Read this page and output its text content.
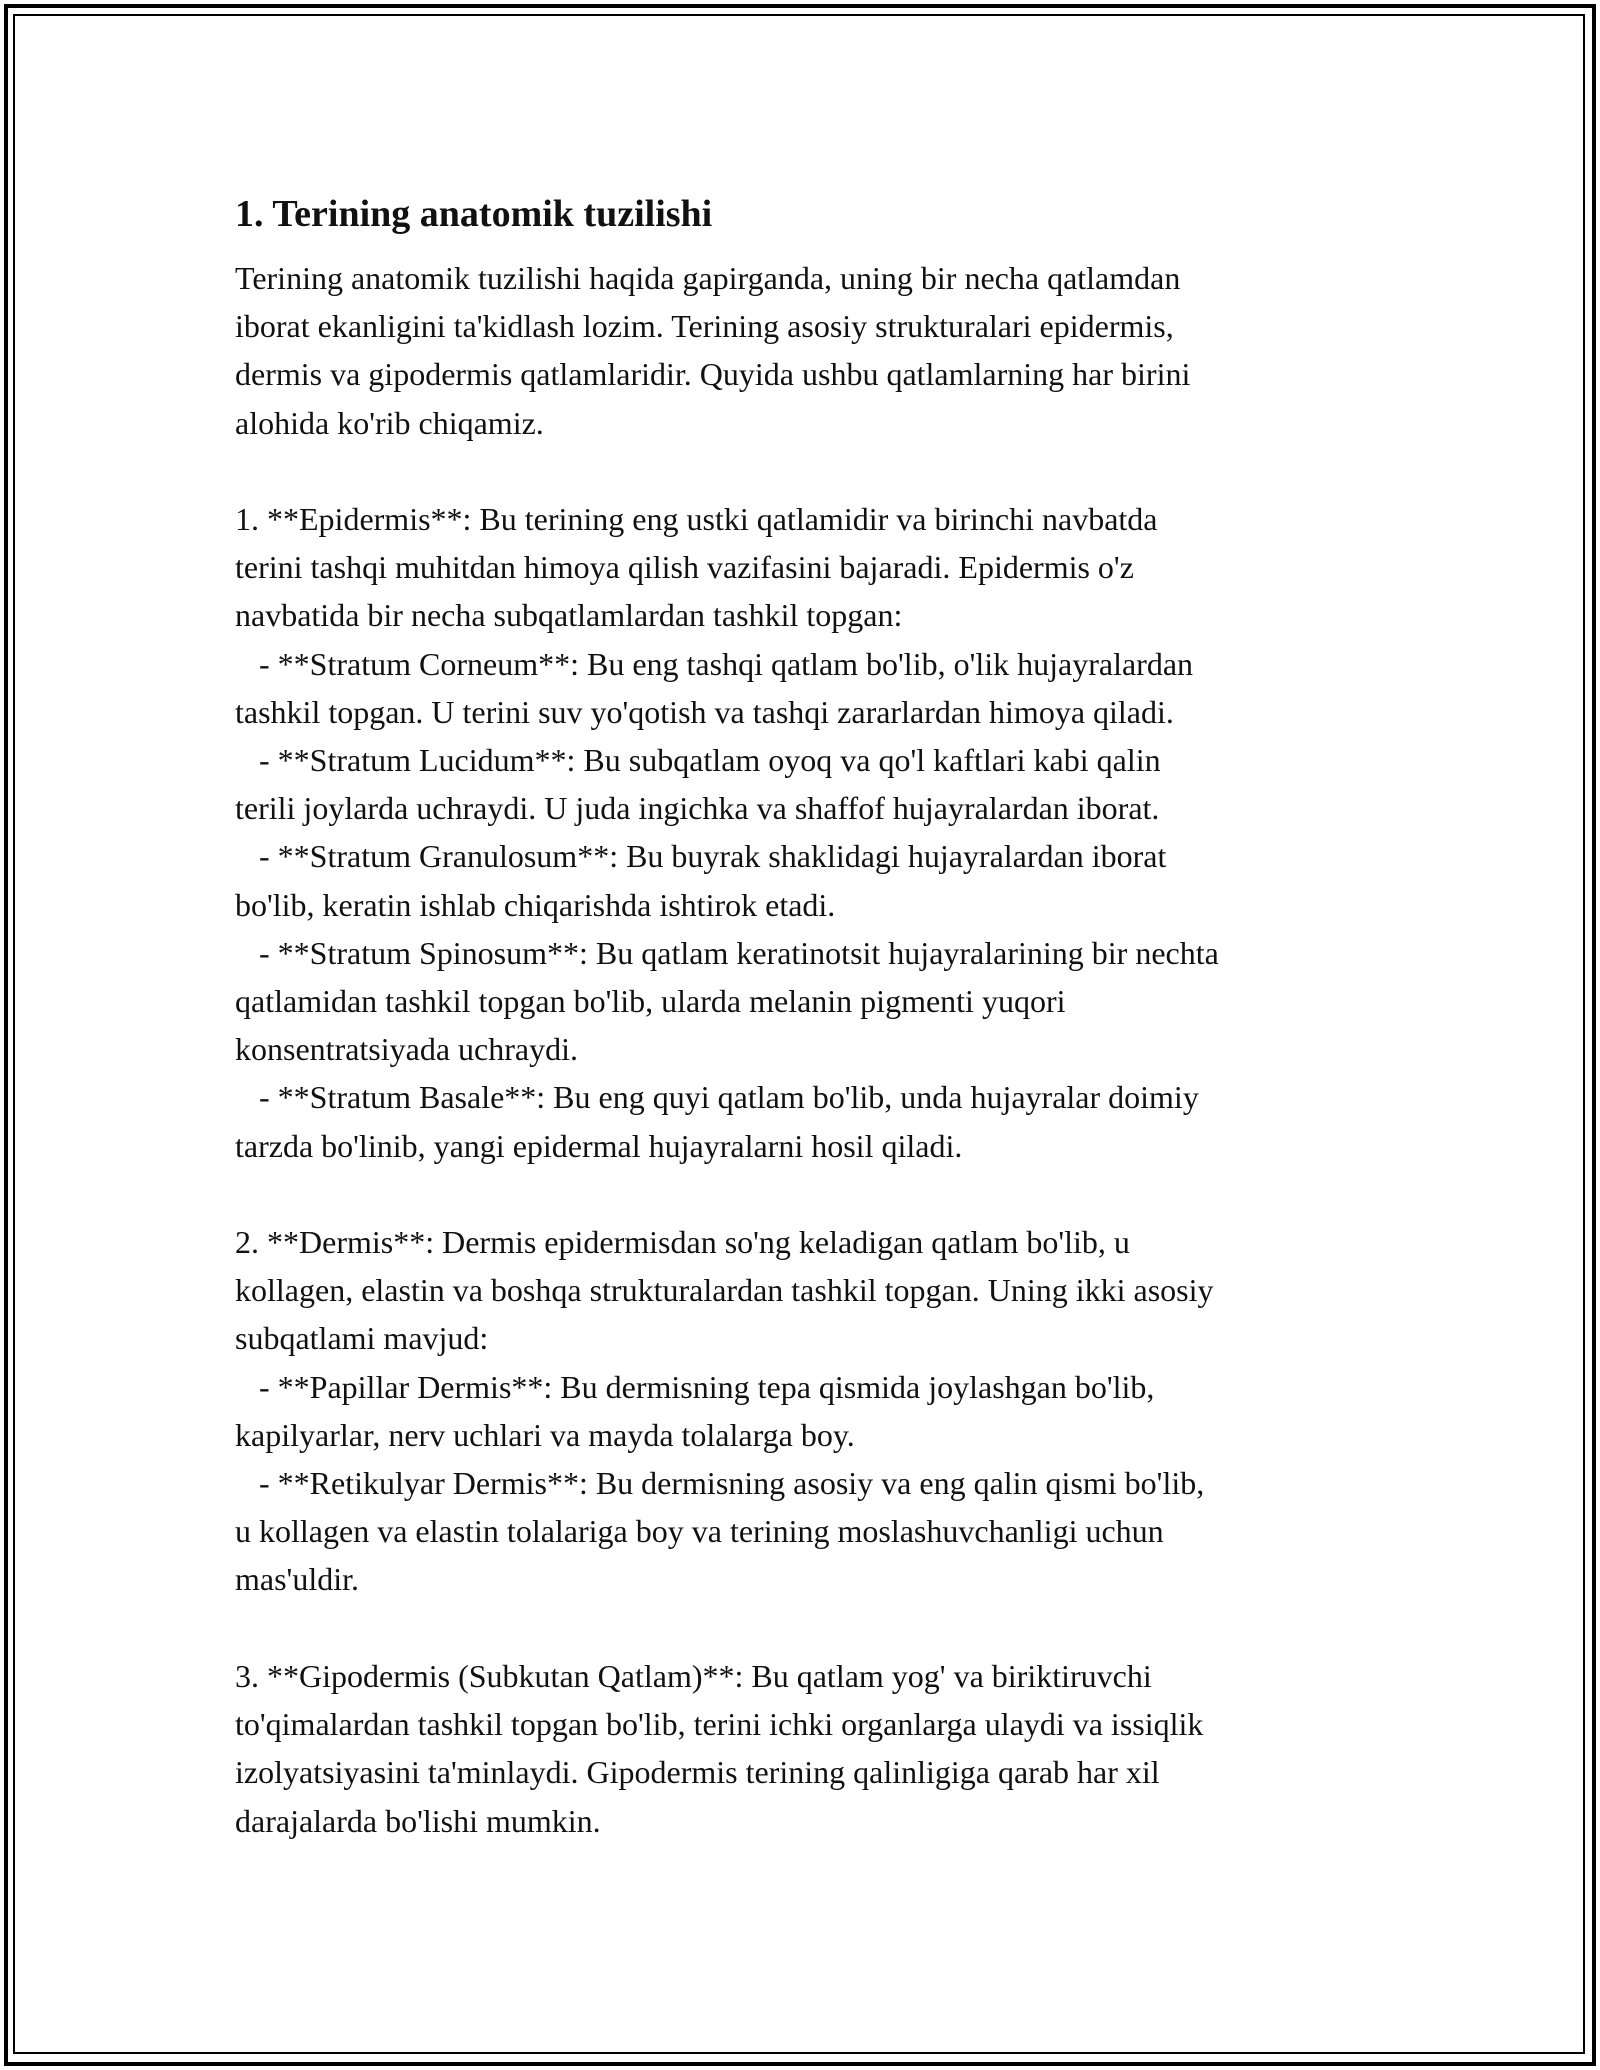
1. Terining anatomik tuzilishi
Terining anatomik tuzilishi haqida gapirganda, uning bir necha qatlamdan
iborat ekanligini ta'kidlash lozim. Terining asosiy strukturalari epidermis,
dermis va gipodermis qatlamlaridir. Quyida ushbu qatlamlarning har birini
alohida ko'rib chiqamiz.

1. **Epidermis**: Bu terining eng ustki qatlamidir va birinchi navbatda
terini tashqi muhitdan himoya qilish vazifasini bajaradi. Epidermis o'z
navbatida bir necha subqatlamlardan tashkil topgan:
- **Stratum Corneum**: Bu eng tashqi qatlam bo'lib, o'lik hujayralardan
tashkil topgan. U terini suv yo'qotish va tashqi zararlardan himoya qiladi.
- **Stratum Lucidum**: Bu subqatlam oyoq va qo'l kaftlari kabi qalin
terili joylarda uchraydi. U juda ingichka va shaffof hujayralardan iborat.
- **Stratum Granulosum**: Bu buyrak shaklidagi hujayralardan iborat
bo'lib, keratin ishlab chiqarishda ishtirok etadi.
- **Stratum Spinosum**: Bu qatlam keratinotsit hujayralarining bir nechta
qatlamidan tashkil topgan bo'lib, ularda melanin pigmenti yuqori
konsentratsiyada uchraydi.
- **Stratum Basale**: Bu eng quyi qatlam bo'lib, unda hujayralar doimiy
tarzda bo'linib, yangi epidermal hujayralarni hosil qiladi.

2. **Dermis**: Dermis epidermisdan so'ng keladigan qatlam bo'lib, u
kollagen, elastin va boshqa strukturalardan tashkil topgan. Uning ikki asosiy
subqatlami mavjud:
- **Papillar Dermis**: Bu dermisning tepa qismida joylashgan bo'lib,
kapilyarlar, nerv uchlari va mayda tolalarga boy.
- **Retikulyar Dermis**: Bu dermisning asosiy va eng qalin qismi bo'lib,
u kollagen va elastin tolalariga boy va terining moslashuvchanligi uchun
mas'uldir.

3. **Gipodermis (Subkutan Qatlam)**: Bu qatlam yog' va biriktiruvchi
to'qimalardan tashkil topgan bo'lib, terini ichki organlarga ulaydi va issiqlik
izolyatsiyasini ta'minlaydi. Gipodermis terining qalinligiga qarab har xil
darajalarda bo'lishi mumkin.
